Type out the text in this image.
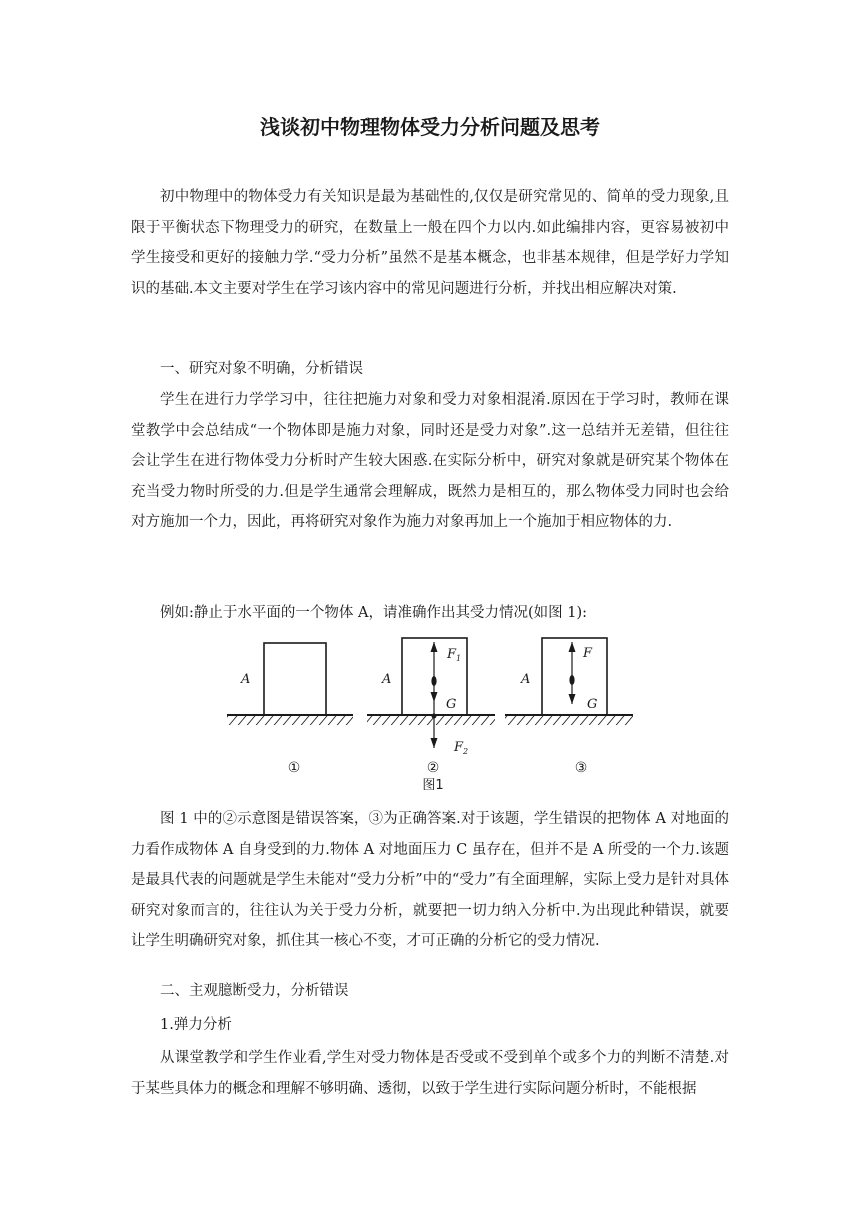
浅谈初中物理物体受力分析问题及思考

初中物理中的物体受力有关知识是最为基础性的,仅仅是研究常见的、简单的受力现象,且限于平衡状态下物理受力的研究，在数量上一般在四个力以内.如此编排内容，更容易被初中学生接受和更好的接触力学.“受力分析”虽然不是基本概念，也非基本规律，但是学好力学知识的基础.本文主要对学生在学习该内容中的常见问题进行分析，并找出相应解决对策.

一、研究对象不明确，分析错误

学生在进行力学学习中，往往把施力对象和受力对象相混淆.原因在于学习时，教师在课堂教学中会总结成“一个物体即是施力对象，同时还是受力对象”.这一总结并无差错，但往往会让学生在进行物体受力分析时产生较大困惑.在实际分析中，研究对象就是研究某个物体在充当受力物时所受的力.但是学生通常会理解成，既然力是相互的，那么物体受力同时也会给对方施加一个力，因此，再将研究对象作为施力对象再加上一个施加于相应物体的力.

例如:静止于水平面的一个物体 A，请准确作出其受力情况(如图 1):

A	A
$F_1$
G
$F_2$
A
F
G
①	②	③
图1

图 1 中的②示意图是错误答案，③为正确答案.对于该题，学生错误的把物体 A 对地面的力看作成物体 A 自身受到的力.物体 A 对地面压力 C 虽存在，但并不是 A 所受的一个力.该题是最具代表的问题就是学生未能对“受力分析”中的“受力”有全面理解，实际上受力是针对具体研究对象而言的，往往认为关于受力分析，就要把一切力纳入分析中.为出现此种错误，就要让学生明确研究对象，抓住其一核心不变，才可正确的分析它的受力情况.

二、主观臆断受力，分析错误

1.弹力分析

从课堂教学和学生作业看,学生对受力物体是否受或不受到单个或多个力的判断不清楚.对于某些具体力的概念和理解不够明确、透彻，以致于学生进行实际问题分析时，不能根据
